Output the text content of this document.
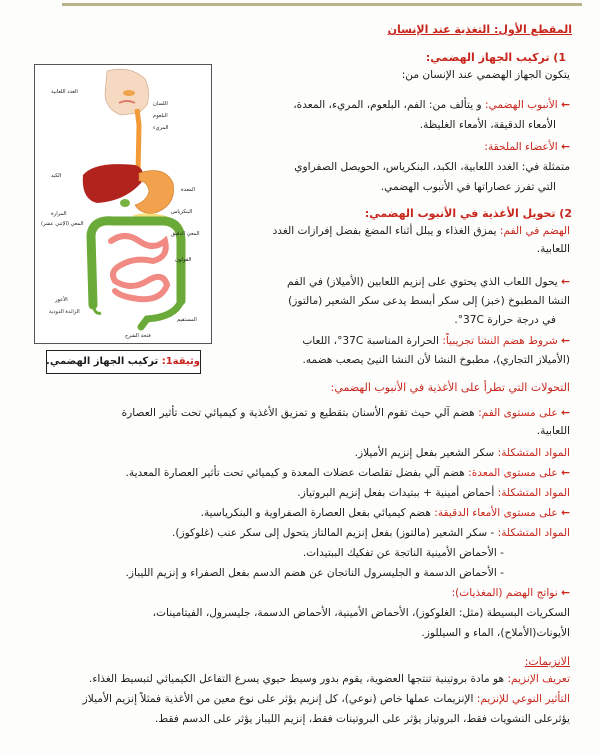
المقطع الأول: التغذية عند الإنسان
1) تركيب الجهاز الهضمي:
يتكون الجهاز الهضمي عند الإنسان من:
← الأنبوب الهضمي: و يتألف من: الفم، البلعوم، المريء، المعدة،
الأمعاء الدقيقة، الأمعاء الغليظة.
← الأعضاء الملحقة:
متمثلة في: الغدد اللعابية، الكبد، البنكرياس، الحويصل الصفراوي
التي تفرز عصاراتها في الأنبوب الهضمي.
2) تحويل الأغذية في الأنبوب الهضمي:
الهضم في الفم: يمزق الغذاء و يبلل أثناء المضغ بفضل إفرازات الغدد
اللعابية.
← يحول اللعاب الذي يحتوي على إنزيم اللعابين (الأميلاز) في الفم
النشا المطبوخ (خبز) إلى سكر أبسط يدعى سكر الشعير (مالتوز)
في درجة حرارة 37C°.
← شروط هضم النشا تجريبياً: الحرارة المناسبة 37C°، اللعاب
(الأميلاز التجاري)، مطبوخ النشا لأن النشا النيئ يصعب هضمه.
الغدد اللعابية
اللسان
البلعوم
المريء
الكبد
المعدة
المرارة
المعي (الإثني عشر)
البنكرياس
المعي الدقيق
القولون
الأعور
الزائدة الدودية
المستقيم
فتحة الشرج
وثيقة1: تركيب الجهاز الهضمي.
التحولات التي تطرأ على الأغذية في الأنبوب الهضمي:
← على مستوى الفم: هضم آلي حيث تقوم الأسنان بتقطيع و تمزيق الأغذية و كيميائي تحت تأثير العصارة
اللعابية.
المواد المتشكلة: سكر الشعير بفعل إنزيم الأميلاز.
← على مستوى المعدة: هضم آلي بفضل تقلصات عضلات المعدة و كيميائي تحت تأثير العصارة المعدية.
المواد المتشكلة: أحماض أمينية + ببتيدات بفعل إنزيم البروتياز.
← على مستوى الأمعاء الدقيقة: هضم كيميائي بفعل العصارة الصفراوية و البنكرياسية.
المواد المتشكلة: - سكر الشعير (مالتوز) بفعل إنزيم المالتاز يتحول إلى سكر عنب (غلوكوز).
- الأحماض الأمينية الناتجة عن تفكيك الببتيدات.
- الأحماض الدسمة و الجليسرول الناتجان عن هضم الدسم بفعل الصفراء و إنزيم الليباز.
← نواتج الهضم (المغذيات):
السكريات البسيطة (مثل: الغلوكوز)، الأحماض الأمينية، الأحماض الدسمة، جليسرول، الفيتامينات،
الأيونات(الأملاح)، الماء و السيللوز.
الانزيمات:
تعريف الإنزيم: هو مادة بروتينية تنتجها العضوية، يقوم بدور وسيط حيوي يسرع التفاعل الكيميائي لتبسيط الغذاء.
التأثير النوعي للإنزيم: الإنزيمات عملها خاص (نوعي)، كل إنزيم يؤثر على نوع معين من الأغذية فمثلاً إنزيم الأميلاز
يؤثرعلى النشويات فقط، البروتياز يؤثر على البروتينات فقط، إنزيم الليباز يؤثر على الدسم فقط.
